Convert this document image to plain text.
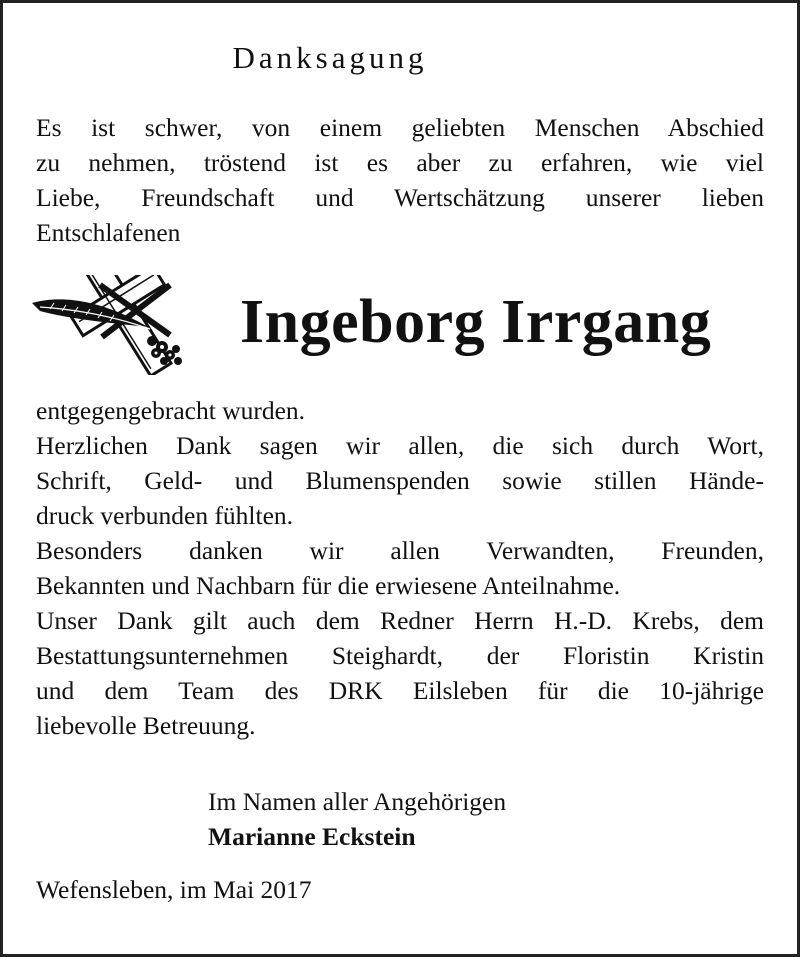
Danksagung
Es ist schwer, von einem geliebten Menschen Abschied
zu nehmen, tröstend ist es aber zu erfahren, wie viel
Liebe, Freundschaft und Wertschätzung unserer lieben
Entschlafenen
Ingeborg Irrgang
entgegengebracht wurden.
Herzlichen Dank sagen wir allen, die sich durch Wort,
Schrift, Geld- und Blumenspenden sowie stillen Hände-
druck verbunden fühlten.
Besonders danken wir allen Verwandten, Freunden,
Bekannten und Nachbarn für die erwiesene Anteilnahme.
Unser Dank gilt auch dem Redner Herrn H.-D. Krebs, dem
Bestattungsunternehmen Steighardt, der Floristin Kristin
und dem Team des DRK Eilsleben für die 10-jährige
liebevolle Betreuung.
Im Namen aller Angehörigen
Marianne Eckstein
Wefensleben, im Mai 2017
